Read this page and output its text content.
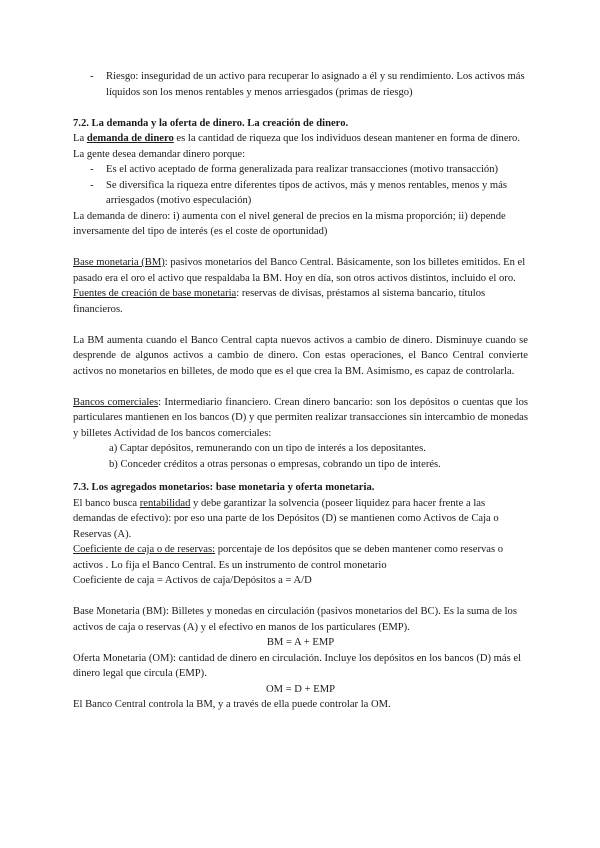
- Riesgo: inseguridad de un activo para recuperar lo asignado a él y su rendimiento. Los activos más líquidos son los menos rentables y menos arriesgados (primas de riesgo)

7.2. La demanda y la oferta de dinero. La creación de dinero.

La demanda de dinero es la cantidad de riqueza que los individuos desean mantener en forma de dinero. La gente desea demandar dinero porque:

- Es el activo aceptado de forma generalizada para realizar transacciones (motivo transacción)

- Se diversifica la riqueza entre diferentes tipos de activos, más y menos rentables, menos y más arriesgados (motivo especulación)

La demanda de dinero: i) aumenta con el nivel general de precios en la misma proporción; ii) depende inversamente del tipo de interés (es el coste de oportunidad)

Base monetaria (BM): pasivos monetarios del Banco Central. Básicamente, son los billetes emitidos. En el pasado era el oro el activo que respaldaba la BM. Hoy en día, son otros activos distintos, incluido el oro.

Fuentes de creación de base monetaria: reservas de divisas, préstamos al sistema bancario, títulos financieros.

La BM aumenta cuando el Banco Central capta nuevos activos a cambio de dinero. Disminuye cuando se desprende de algunos activos a cambio de dinero. Con estas operaciones, el Banco Central convierte activos no monetarios en billetes, de modo que es el que crea la BM. Asimismo, es capaz de controlarla.

Bancos comerciales: Intermediario financiero. Crean dinero bancario: son los depósitos o cuentas que los particulares mantienen en los bancos (D) y que permiten realizar transacciones sin intercambio de monedas y billetes Actividad de los bancos comerciales:

a) Captar depósitos, remunerando con un tipo de interés a los depositantes.

b) Conceder créditos a otras personas o empresas, cobrando un tipo de interés.

7.3. Los agregados monetarios: base monetaria y oferta monetaria.

El banco busca rentabilidad y debe garantizar la solvencia (poseer liquidez para hacer frente a las demandas de efectivo): por eso una parte de los Depósitos (D) se mantienen como Activos de Caja o Reservas (A).

Coeficiente de caja o de reservas: porcentaje de los depósitos que se deben mantener como reservas o activos . Lo fija el Banco Central. Es un instrumento de control monetario

Coeficiente de caja = Activos de caja/Depósitos a = A/D

Base Monetaria (BM): Billetes y monedas en circulación (pasivos monetarios del BC). Es la suma de los activos de caja o reservas (A) y el efectivo en manos de los particulares (EMP).

BM = A + EMP

Oferta Monetaria (OM): cantidad de dinero en circulación. Incluye los depósitos en los bancos (D) más el dinero legal que circula (EMP).

OM = D + EMP

El Banco Central controla la BM, y a través de ella puede controlar la OM.
